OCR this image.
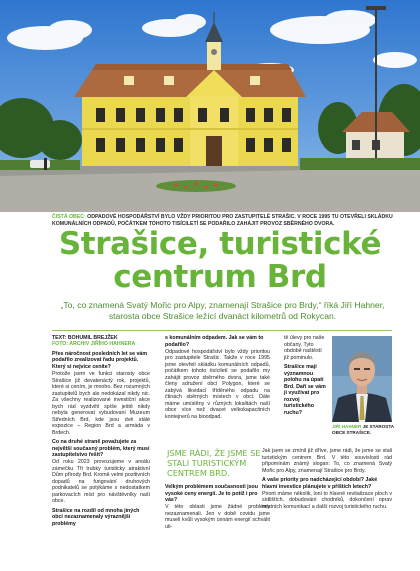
ČISTÁ OBEC: ODPADOVÉ HOSPODÁŘSTVÍ BYLO VŽDY PRIORITOU PRO ZASTUPITELÉ STRAŠIC. V ROCE 1995 TU OTEVŘELI SKLÁDKU KOMUNÁLNÍCH ODPADŮ, POČÁTKEM TOHOTO TISÍCILETÍ SE PODAŘILO ZAHÁJIT PROVOZ SBĚRNÉHO DVORA.
Strašice, turistické
centrum Brd

„To, co znamená Svatý Mořic pro Alpy, znamenají Strašice pro Brdy,“ říká Jiří Hahner, starosta obce Strašice ležící dvanáct kilometrů od Rokycan.

TEXT: BOHUMIL BREJŽEK
FOTO: ARCHIV JIŘÍHO HAHNERA

Přes náročnost posledních let se vám podařilo zrealizovat řadu projektů. Který si nejvíce ceníte?

Protože jsem ve funkci starosty obce Strašice již devatenáctý rok, projektů, které si cením, je mnoho. Bez rozumných zastupitelů bych ale nedokázal nikdy nic. Za všechny realizované investiční akce bych rád vyzdvihl spíše ještě nikdy nebyla generovat vybudovaní Muzeum Středních Brd, kde jsou dvě stálé expozice – Region Brd a armáda v Brdech.

Co na druhé straně považujete za největší současný problém, který musí zastupitelstvo řešit?

Od roku 2023 provozujeme v areálu zámečku Tři trubky turisticky atraktivní Dům přírody Brd. Kromě velmi pozitivních dopadů na fungování druhových podnikatelů se potýkáme s nedostatkem parkovacích míst pro návštěvníky naší obce.

Strašice na rozdíl od mnoha jiných obcí nezaznamenaly výraznější problémy

s komunálním odpadem. Jak se vám to podařilo?

Odpadové hospodářství bylo vždy prioritou pro zastupitele Strašic. Takže v roce 1995 jsme otevřeli skládku komunálních odpadů, počátkem tohoto tisíciletí se podařilo my zahájit provoz sběrného dvora, jsme také členy sdružení obcí Polygon, které se zabývá likvidací tříděného odpadu na čtinách sběrných místech v obci. Dále máme umístěny v různých lokalitách naší obce více než dvacet velkokapacitních kontejnerů na bioodpad.

JSME RÁDI, ŽE JSME SE STALI TURISTICKÝM CENTREM BRD.

Velkým problémem současnosti jsou vysoké ceny energií. Je to potíž i pro vás?

V této oblasti jsme žádné problémy nezaznamenali. Jen v době covidu jsme museli kvůli vysokým cenám energií schválit uti-

tě úlevy pro naše občany. Tyto obdobě naštěstí již pominulo.

Strašice mají významnou polohu na úpatí Brd. Daří se vám ji využívat pro rozvoj turistického ruchu?

JIŘÍ HAHNER JE STAROSTA OBCE STRAŠICE.

Jak jsem se zmínil již dříve, jsme rádi, že jsme se stali turistickým centrem Brd. V této souvislosti rád připomínám známý slogan: To, co znamená Svatý Mořic pro Alpy, znamenají Strašice pro Brdy.

A vaše priority pro nadcházející období? Jaké hlavní investice plánujete v příštích letech?

Priorit máme několik, loni to hlavně revitalizace ploch v sídlištích, dobudování chodníků, dokončení oprav místních komunikací a další rozvoj turistického ruchu.
